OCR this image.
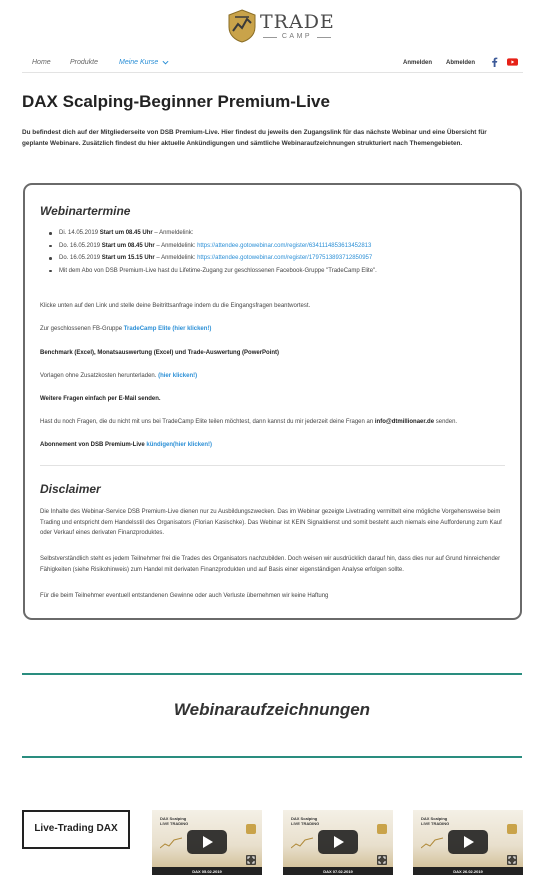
TRADE
CAMP
Home	Produkte	Meine Kurse	Anmelden Abmelden
DAX Scalping-Beginner Premium-Live

Du befindest dich auf der Mitgliederseite von DSB Premium-Live. Hier findest du jeweils den Zugangslink für das nächste Webinar und eine Übersicht für geplante Webinare. Zusätzlich findest du hier aktuelle Ankündigungen und sämtliche Webinaraufzeichnungen strukturiert nach Themengebieten.

Webinartermine
Di. 14.05.2019 Start um 08.45 Uhr – Anmeldelink:
Do. 16.05.2019 Start um 08.45 Uhr – Anmeldelink: https://attendee.gotowebinar.com/register/6341114853613452813
Do. 16.05.2019 Start um 15.15 Uhr – Anmeldelink: https://attendee.gotowebinar.com/register/1797513893712850957
Mit dem Abo von DSB Premium-Live hast du Lifetime-Zugang zur geschlossenen Facebook-Gruppe "TradeCamp Elite".

Klicke unten auf den Link und stelle deine Beitrittsanfrage indem du die Eingangsfragen beantwortest.

Zur geschlossenen FB-Gruppe TradeCamp Elite (hier klicken!)

Benchmark (Excel), Monatsauswertung (Excel) und Trade-Auswertung (PowerPoint)

Vorlagen ohne Zusatzkosten herunterladen. (hier klicken!)

Weitere Fragen einfach per E-Mail senden.

Hast du noch Fragen, die du nicht mit uns bei TradeCamp Elite teilen möchtest, dann kannst du mir jederzeit deine Fragen an info@dtmillionaer.de senden.

Abonnement von DSB Premium-Live kündigen(hier klicken!)

Disclaimer

Die Inhalte des Webinar-Service DSB Premium-Live dienen nur zu Ausbildungszwecken. Das im Webinar gezeigte Livetrading vermittelt eine mögliche Vorgehensweise beim Trading und entspricht dem Handelsstil des Organisators (Florian Kasischke). Das Webinar ist KEIN Signaldienst und somit besteht auch niemals eine Aufforderung zum Kauf oder Verkauf eines derivaten Finanzproduktes.

Selbstverständlich steht es jedem Teilnehmer frei die Trades des Organisators nachzubilden. Doch weisen wir ausdrücklich darauf hin, dass dies nur auf Grund hinreichender Fähigkeiten (siehe Risikohinweis) zum Handel mit derivaten Finanzprodukten und auf Basis einer eigenständigen Analyse erfolgen sollte.

Für die beim Teilnehmer eventuell entstandenen Gewinne oder auch Verluste übernehmen wir keine Haftung

Webinaraufzeichnungen
Live-Trading DAX
DAX Scalping
LIVE TRADING
DAX 05.02.2019
DAX Scalping
LIVE TRADING
DAX 07.02.2019
DAX Scalping
LIVE TRADING
DAX 26.02.2019
